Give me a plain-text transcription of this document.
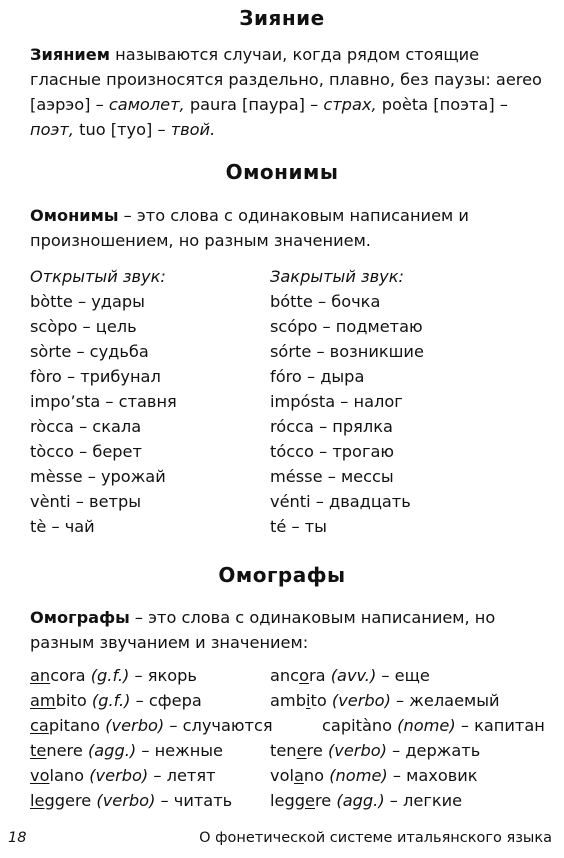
Зияние

Зиянием называются случаи, когда рядом стоящие гласные произносятся раздельно, плавно, без паузы: aereo [аэрэо] – самолет, paura [паура] – страх, poèta [поэта] – поэт, tuo [туо] – твой.

Омонимы

Омонимы – это слова с одинаковым написанием и произношением, но разным значением.

Открытый звук:
bòtte – удары
scòpo – цель
sòrte – судьба
fòro – трибунал
impo’sta – ставня
ròcca – скала
tòcco – берет
mèsse – урожай
vènti – ветры
tè – чай
Закрытый звук:
bótte – бочка
scópo – подметаю
sórte – возникшие
fóro – дыра
impósta – налог
rócca – прялка
tócco – трогаю
mésse – мессы
vénti – двадцать
té – ты
Омографы

Омографы – это слова с одинаковым написанием, но разным звучанием и значением:

ancora (g.f.) – якорь
ambito (g.f.) – сфера
capitano (verbo) – случаются
tenere (agg.) – нежные
volano (verbo) – летят
leggere (verbo) – читать
ancora (avv.) – еще
ambito (verbo) – желаемый
capitàno (nome) – капитан
tenere (verbo) – держать
volano (nome) – маховик
leggere (agg.) – легкие
18	О фонетической системе итальянского языка
